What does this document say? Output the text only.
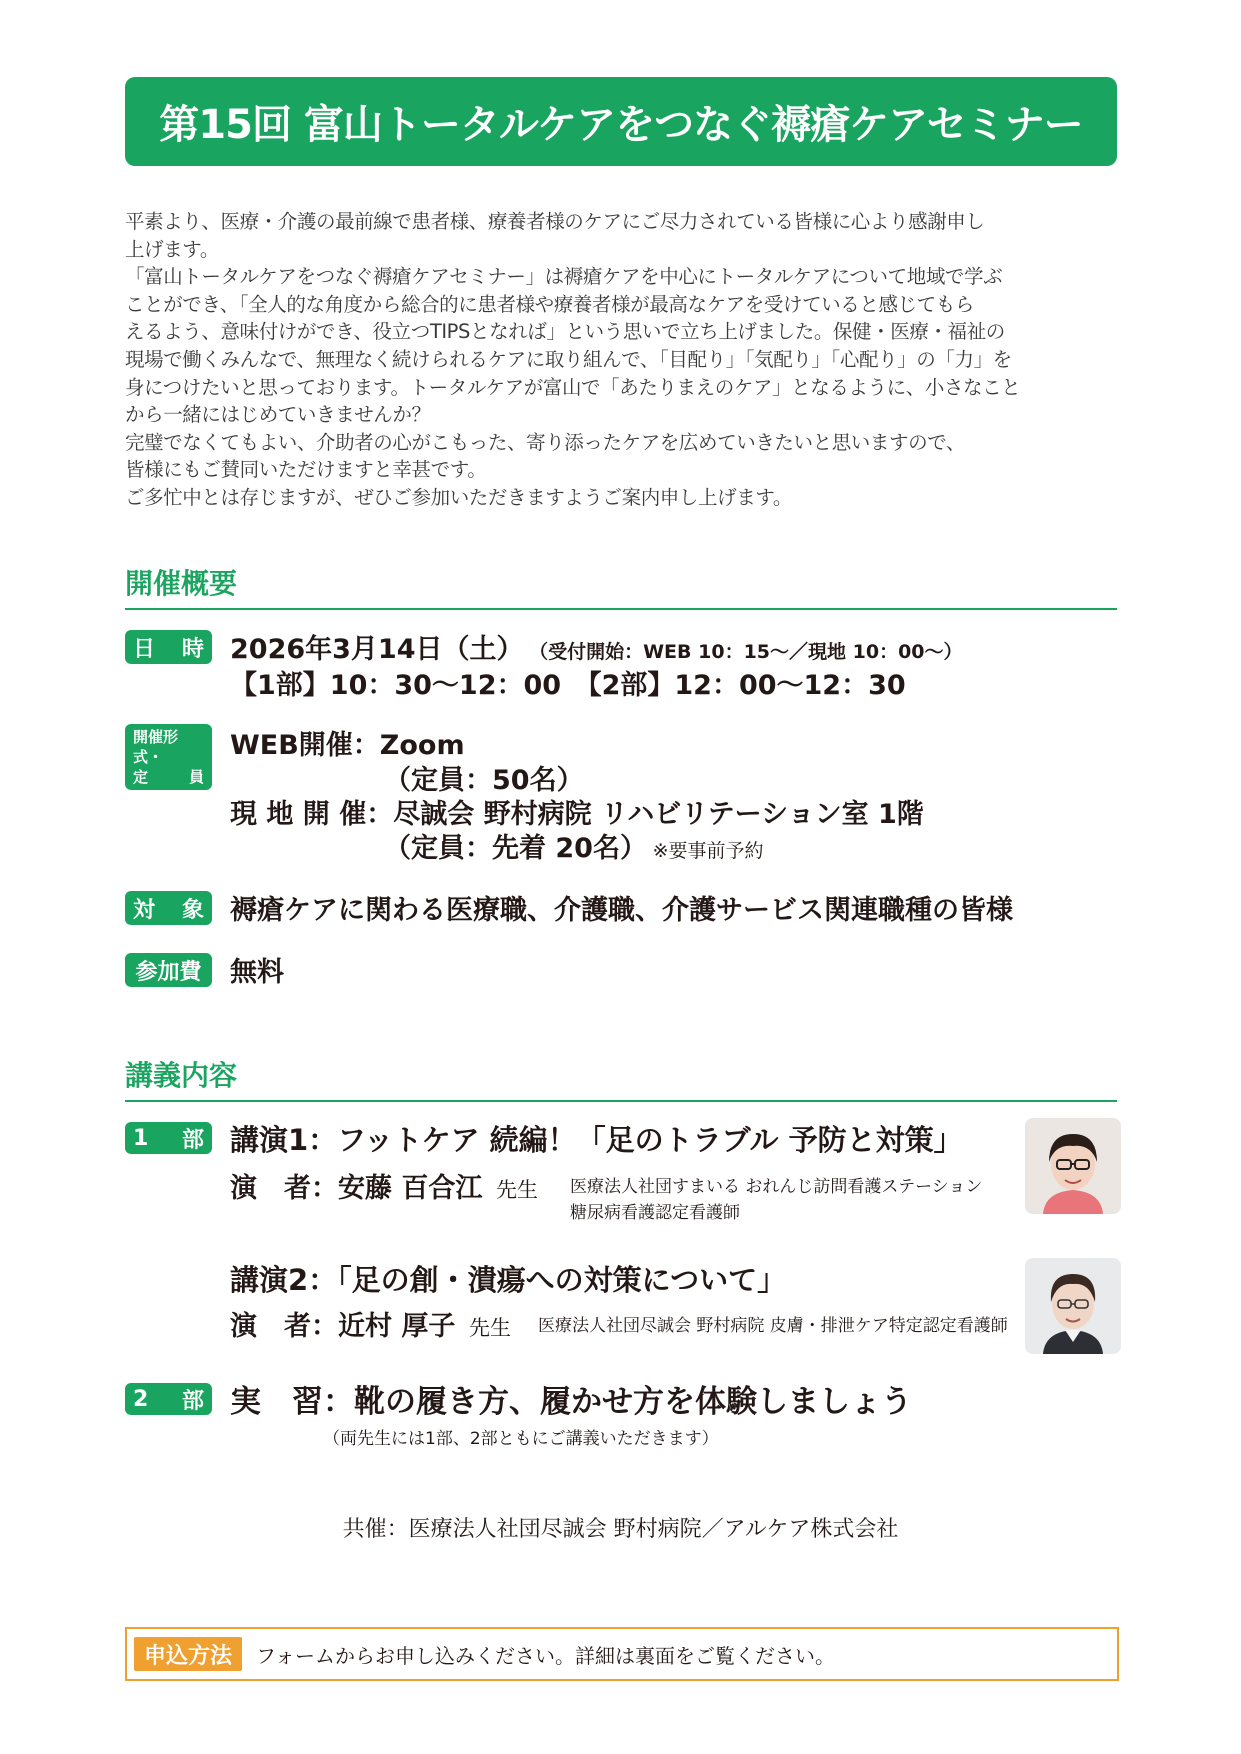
第15回 富山トータルケアをつなぐ褥瘡ケアセミナー

平素より、医療・介護の最前線で患者様、療養者様のケアにご尽力されている皆様に心より感謝申し

上げます。

「富山トータルケアをつなぐ褥瘡ケアセミナー」は褥瘡ケアを中心にトータルケアについて地域で学ぶ

ことができ、「全人的な角度から総合的に患者様や療養者様が最高なケアを受けていると感じてもら

えるよう、意味付けができ、役立つTIPSとなれば」という思いで立ち上げました。保健・医療・福祉の

現場で働くみんなで、無理なく続けられるケアに取り組んで、「目配り」「気配り」「心配り」の「力」を

身につけたいと思っております。トータルケアが富山で「あたりまえのケア」となるように、小さなこと

から一緒にはじめていきませんか？

完璧でなくてもよい、介助者の心がこもった、寄り添ったケアを広めていきたいと思いますので、

皆様にもご賛同いただけますと幸甚です。

ご多忙中とは存じますが、ぜひご参加いただきますようご案内申し上げます。

開催概要
日 時 2026年3月14日（土） （受付開始：WEB 10：15～／現地 10：00～）
【1部】10：30～12：00　【2部】12：00～12：30
開催形式・
定	員
WEB開催：Zoom
（定員：50名）
現 地 開 催：尽誠会 野村病院 リハビリテーション室 1階
（定員：先着 20名） ※要事前予約
対 象 褥瘡ケアに関わる医療職、介護職、介護サービス関連職種の皆様
参加費 無料
講義内容
1 部 講演1：フットケア 続編！「足のトラブル 予防と対策」
演　者：安藤 百合江 先生 医療法人社団すまいる おれんじ訪問看護ステーション
糖尿病看護認定看護師
講演2：「足の創・潰瘍への対策について」
演　者：近村 厚子 先生 医療法人社団尽誠会 野村病院 皮膚・排泄ケア特定認定看護師
2 部 実　習：靴の履き方、履かせ方を体験しましょう
（両先生には1部、2部ともにご講義いただきます）
共催：医療法人社団尽誠会 野村病院／アルケア株式会社
申込方法	フォームからお申し込みください。詳細は裏面をご覧ください。
